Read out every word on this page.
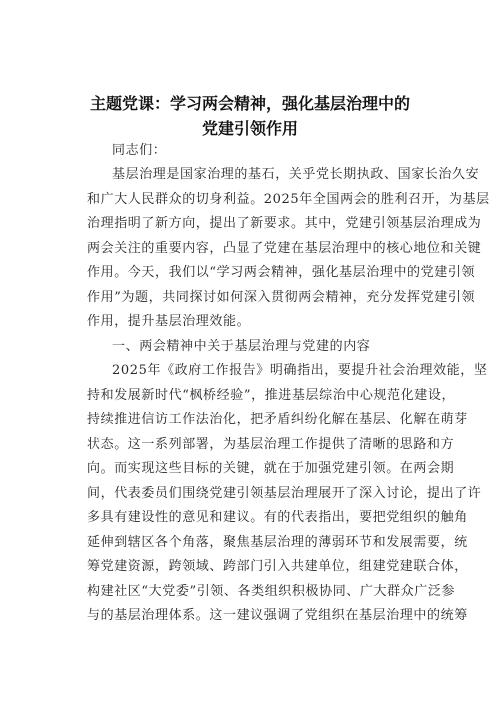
主题党课：学习两会精神，强化基层治理中的
党建引领作用
同志们：
基层治理是国家治理的基石，关乎党长期执政、国家长治久安
和广大人民群众的切身利益。2025年全国两会的胜利召开，为基层
治理指明了新方向，提出了新要求。其中，党建引领基层治理成为
两会关注的重要内容，凸显了党建在基层治理中的核心地位和关键
作用。今天，我们以“学习两会精神，强化基层治理中的党建引领
作用”为题，共同探讨如何深入贯彻两会精神，充分发挥党建引领
作用，提升基层治理效能。
一、两会精神中关于基层治理与党建的内容
2025年《政府工作报告》明确指出，要提升社会治理效能，坚
持和发展新时代“枫桥经验”，推进基层综治中心规范化建设，
持续推进信访工作法治化，把矛盾纠纷化解在基层、化解在萌芽
状态。这一系列部署，为基层治理工作提供了清晰的思路和方
向。而实现这些目标的关键，就在于加强党建引领。在两会期
间，代表委员们围绕党建引领基层治理展开了深入讨论，提出了许
多具有建设性的意见和建议。有的代表指出，要把党组织的触角
延伸到辖区各个角落，聚焦基层治理的薄弱环节和发展需要，统
筹党建资源，跨领域、跨部门引入共建单位，组建党建联合体，
构建社区“大党委”引领、各类组织积极协同、广大群众广泛参
与的基层治理体系。这一建议强调了党组织在基层治理中的统筹
